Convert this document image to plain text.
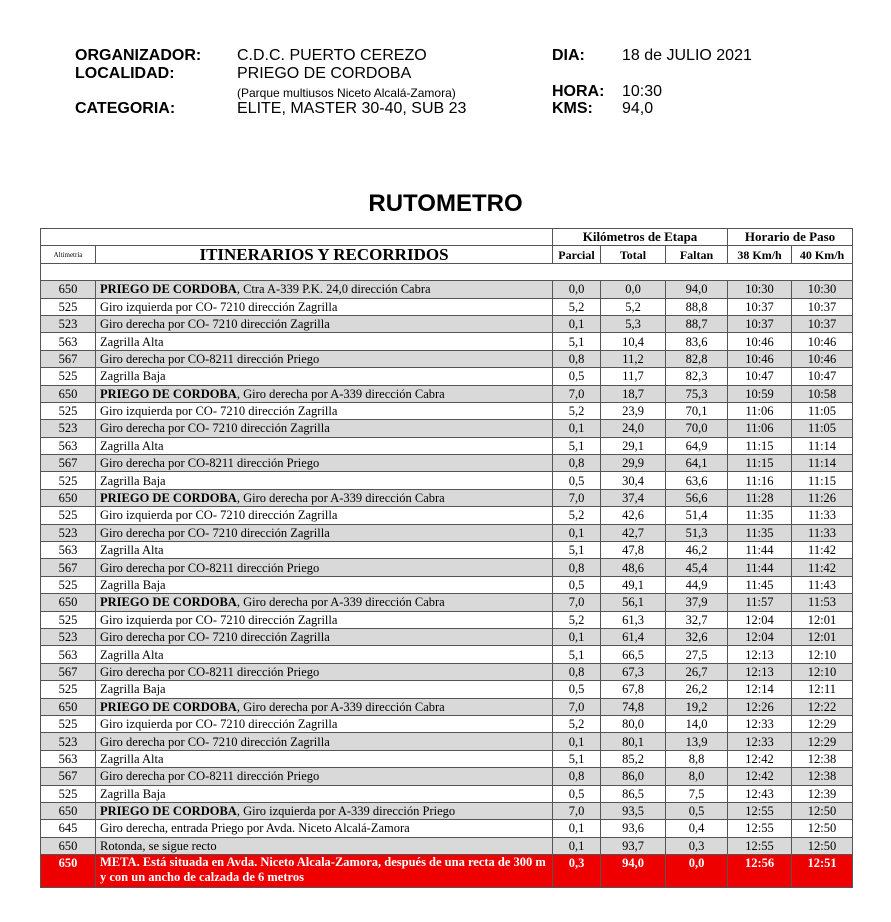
ORGANIZADOR: C.D.C. PUERTO CEREZO
LOCALIDAD:	PRIEGO DE CORDOBA
(Parque multiusos Niceto Alcalá-Zamora)
CATEGORIA:	ELITE, MASTER 30-40, SUB 23
DIA: 18 de JULIO 2021
HORA: 10:30
KMS: 94,0
RUTOMETRO
		Kilómetros de Etapa			Horario de Paso	
Altimetría	ITINERARIOS Y RECORRIDOS	Parcial	Total	Faltan	38 Km/h	40 Km/h

650	PRIEGO DE CORDOBA, Ctra A-339 P.K. 24,0 dirección Cabra	0,0	0,0	94,0	10:30	10:30
525	Giro izquierda por CO- 7210 dirección Zagrilla	5,2	5,2	88,8	10:37	10:37
523	Giro derecha por CO- 7210 dirección Zagrilla	0,1	5,3	88,7	10:37	10:37
563	Zagrilla Alta	5,1	10,4	83,6	10:46	10:46
567	Giro derecha por CO-8211 dirección Priego	0,8	11,2	82,8	10:46	10:46
525	Zagrilla Baja	0,5	11,7	82,3	10:47	10:47
650	PRIEGO DE CORDOBA, Giro derecha por A-339 dirección Cabra	7,0	18,7	75,3	10:59	10:58
525	Giro izquierda por CO- 7210 dirección Zagrilla	5,2	23,9	70,1	11:06	11:05
523	Giro derecha por CO- 7210 dirección Zagrilla	0,1	24,0	70,0	11:06	11:05
563	Zagrilla Alta	5,1	29,1	64,9	11:15	11:14
567	Giro derecha por CO-8211 dirección Priego	0,8	29,9	64,1	11:15	11:14
525	Zagrilla Baja	0,5	30,4	63,6	11:16	11:15
650	PRIEGO DE CORDOBA, Giro derecha por A-339 dirección Cabra	7,0	37,4	56,6	11:28	11:26
525	Giro izquierda por CO- 7210 dirección Zagrilla	5,2	42,6	51,4	11:35	11:33
523	Giro derecha por CO- 7210 dirección Zagrilla	0,1	42,7	51,3	11:35	11:33
563	Zagrilla Alta	5,1	47,8	46,2	11:44	11:42
567	Giro derecha por CO-8211 dirección Priego	0,8	48,6	45,4	11:44	11:42
525	Zagrilla Baja	0,5	49,1	44,9	11:45	11:43
650	PRIEGO DE CORDOBA, Giro derecha por A-339 dirección Cabra	7,0	56,1	37,9	11:57	11:53
525	Giro izquierda por CO- 7210 dirección Zagrilla	5,2	61,3	32,7	12:04	12:01
523	Giro derecha por CO- 7210 dirección Zagrilla	0,1	61,4	32,6	12:04	12:01
563	Zagrilla Alta	5,1	66,5	27,5	12:13	12:10
567	Giro derecha por CO-8211 dirección Priego	0,8	67,3	26,7	12:13	12:10
525	Zagrilla Baja	0,5	67,8	26,2	12:14	12:11
650	PRIEGO DE CORDOBA, Giro derecha por A-339 dirección Cabra	7,0	74,8	19,2	12:26	12:22
525	Giro izquierda por CO- 7210 dirección Zagrilla	5,2	80,0	14,0	12:33	12:29
523	Giro derecha por CO- 7210 dirección Zagrilla	0,1	80,1	13,9	12:33	12:29
563	Zagrilla Alta	5,1	85,2	8,8	12:42	12:38
567	Giro derecha por CO-8211 dirección Priego	0,8	86,0	8,0	12:42	12:38
525	Zagrilla Baja	0,5	86,5	7,5	12:43	12:39
650	PRIEGO DE CORDOBA, Giro izquierda por A-339 dirección Priego	7,0	93,5	0,5	12:55	12:50
645	Giro derecha, entrada Priego por Avda. Niceto Alcalá-Zamora	0,1	93,6	0,4	12:55	12:50
650	Rotonda, se sigue recto	0,1	93,7	0,3	12:55	12:50
650	META. Está situada en Avda. Niceto Alcala-Zamora, después de una recta de 300 m y con un ancho de calzada de 6 metros	0,3	94,0	0,0	12:56	12:51
